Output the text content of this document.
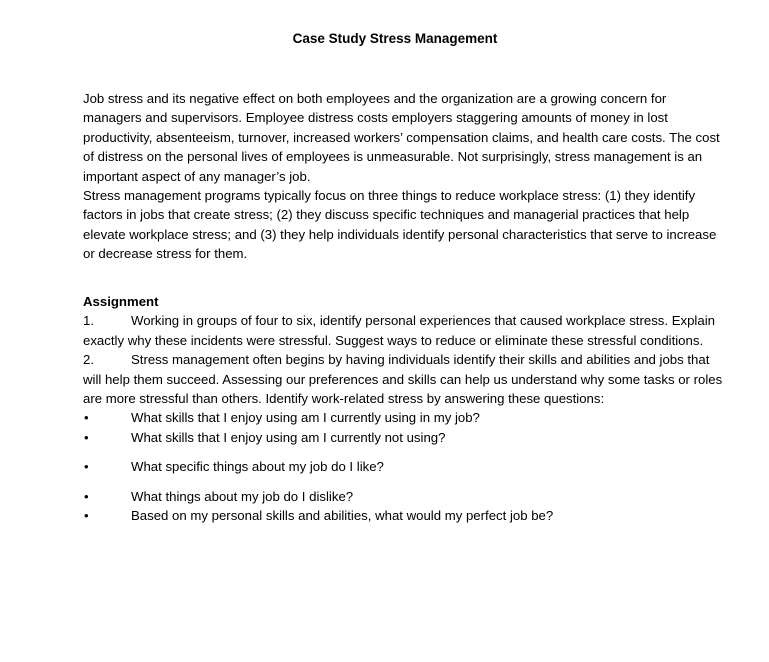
Case Study Stress Management

Job stress and its negative effect on both employees and the organization are a growing concern for managers and supervisors. Employee distress costs employers staggering amounts of money in lost productivity, absenteeism, turnover, increased workers’ compensation claims, and health care costs. The cost of distress on the personal lives of employees is unmeasurable. Not surprisingly, stress management is an important aspect of any manager’s job.

Stress management programs typically focus on three things to reduce workplace stress: (1) they identify factors in jobs that create stress; (2) they discuss specific techniques and managerial practices that help elevate workplace stress; and (3) they help individuals identify personal characteristics that serve to increase or decrease stress for them.

Assignment

1.	Working in groups of four to six, identify personal experiences that caused workplace stress. Explain exactly why these incidents were stressful. Suggest ways to reduce or eliminate these stressful conditions.

2.	Stress management often begins by having individuals identify their skills and abilities and jobs that will help them succeed. Assessing our preferences and skills can help us understand why some tasks or roles are more stressful than others. Identify work-related stress by answering these questions:

•	What skills that I enjoy using am I currently using in my job?
•	What skills that I enjoy using am I currently not using?
•	What specific things about my job do I like?
•	What things about my job do I dislike?
•	Based on my personal skills and abilities, what would my perfect job be?
